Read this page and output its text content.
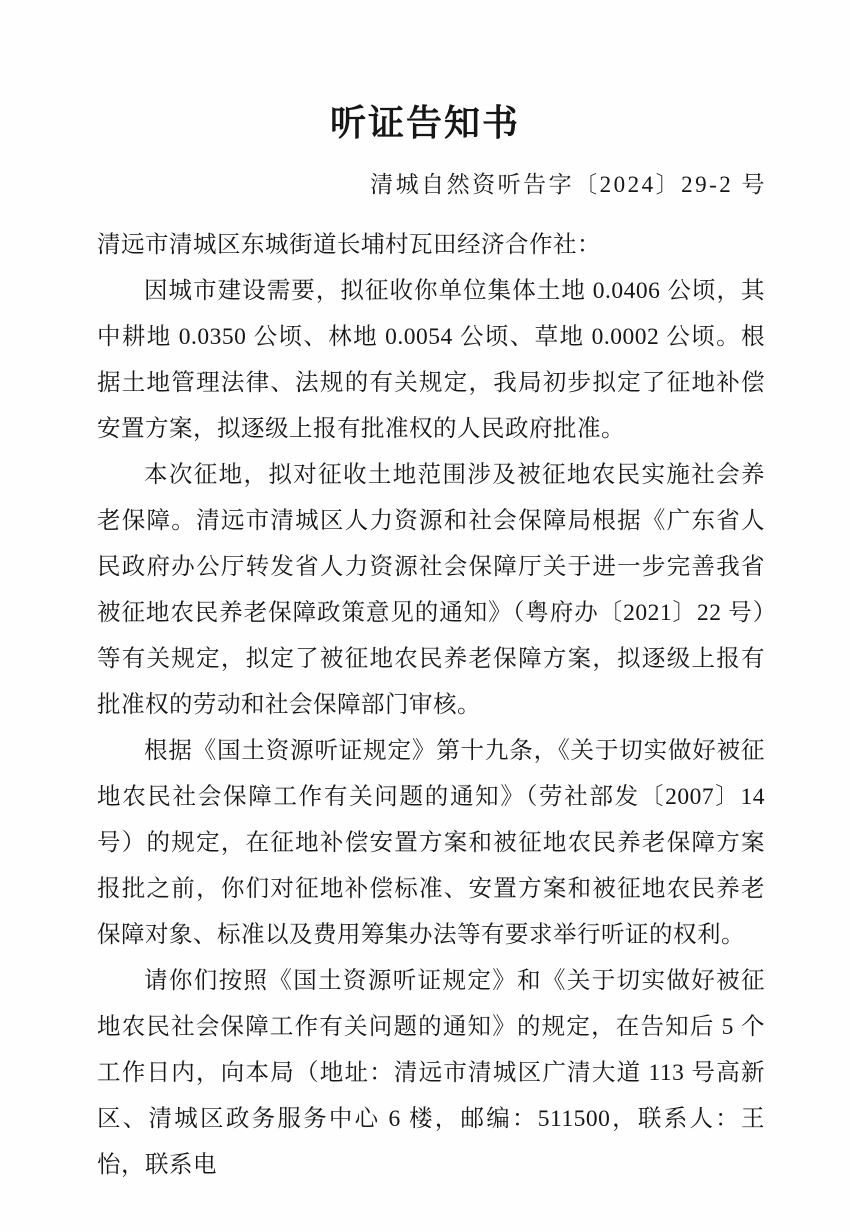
听证告知书
清城自然资听告字〔2024〕29-2 号

清远市清城区东城街道长埔村瓦田经济合作社：

因城市建设需要，拟征收你单位集体土地 0.0406 公顷，其中耕地 0.0350 公顷、林地 0.0054 公顷、草地 0.0002 公顷。根据土地管理法律、法规的有关规定，我局初步拟定了征地补偿安置方案，拟逐级上报有批准权的人民政府批准。

本次征地，拟对征收土地范围涉及被征地农民实施社会养老保障。清远市清城区人力资源和社会保障局根据《广东省人民政府办公厅转发省人力资源社会保障厅关于进一步完善我省被征地农民养老保障政策意见的通知》（粤府办〔2021〕22 号）等有关规定，拟定了被征地农民养老保障方案，拟逐级上报有批准权的劳动和社会保障部门审核。

根据《国土资源听证规定》第十九条，《关于切实做好被征地农民社会保障工作有关问题的通知》（劳社部发〔2007〕14 号）的规定，在征地补偿安置方案和被征地农民养老保障方案报批之前，你们对征地补偿标准、安置方案和被征地农民养老保障对象、标准以及费用筹集办法等有要求举行听证的权利。

请你们按照《国土资源听证规定》和《关于切实做好被征地农民社会保障工作有关问题的通知》的规定，在告知后 5 个工作日内，向本局（地址：清远市清城区广清大道 113 号高新区、清城区政务服务中心 6 楼，邮编：511500，联系人：王怡，联系电
